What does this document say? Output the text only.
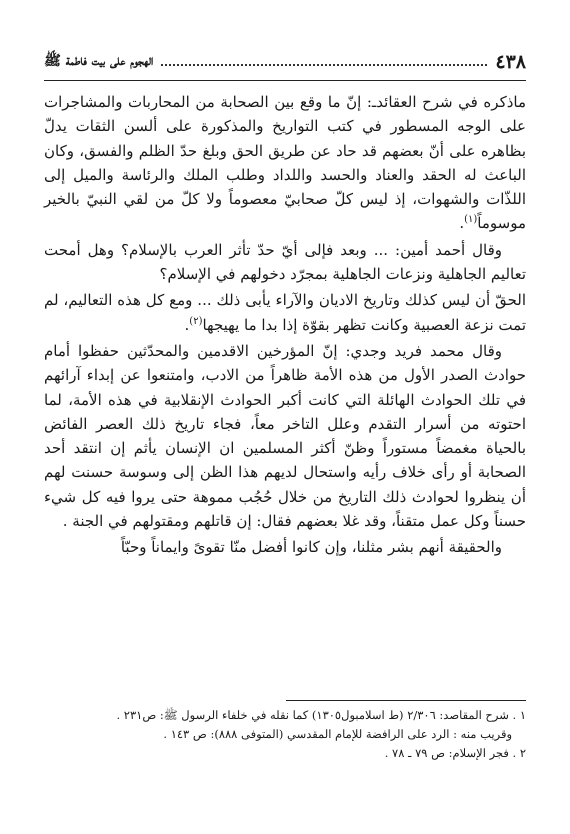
٤٣٨
الهجوم على بيت فاطمة ﷺ

ماذكره في شرح العقائدـ: إنّ ما وقع بين الصحابة من المحاربات والمشاجرات على الوجه المسطور في كتب التواريخ والمذكورة على ألسن الثقات يدلّ بظاهره على أنّ بعضهم قد حاد عن طريق الحق وبلغ حدّ الظلم والفسق، وكان الباعث له الحقد والعناد والحسد واللداد وطلب الملك والرئاسة والميل إلى اللذّات والشهوات، إذ ليس كلّ صحابيّ معصوماً ولا كلّ من لقي النبيّ بالخير موسوماً$^{(١)}$.

وقال أحمد أمين: ... وبعد فإلى أيّ حدّ تأثر العرب بالإسلام؟ وهل أمحت تعاليم الجاهلية ونزعات الجاهلية بمجرّد دخولهم في الإسلام؟

الحقّ أن ليس كذلك وتاريخ الاديان والآراء يأبى ذلك ... ومع كل هذه التعاليم، لم تمت نزعة العصبية وكانت تظهر بقوّة إذا بدا ما يهيجها$^{(٢)}$.

وقال محمد فريد وجدي: إنّ المؤرخين الاقدمين والمحدّثين حفظوا أمام حوادث الصدر الأول من هذه الأمة ظاهراً من الادب، وامتنعوا عن إبداء آرائهم في تلك الحوادث الهائلة التي كانت أكبر الحوادث الإنقلابية في هذه الأمة، لما احتوته من أسرار التقدم وعلل التاخر معاً، فجاء تاريخ ذلك العصر الفائض بالحياة مغمضاً مستوراً وظنّ أكثر المسلمين ان الإنسان يأثم إن انتقد أحد الصحابة أو رأى خلاف رأيه واستحال لديهم هذا الظن إلى وسوسة حسنت لهم أن ينظروا لحوادث ذلك التاريخ من خلال حُجُب مموهة حتى يروا فيه كل شيء حسناً وكل عمل متقناً، وقد غلا بعضهم فقال: إن قاتلهم ومقتولهم في الجنة .

والحقيقة أنهم بشر مثلنا، وإن كانوا أفضل منّا تقوىً وايماناً وحبّاً

١ . شرح المقاصد: ٢/٣٠٦ (ط اسلامبول١٣٠٥) كما نقله في خلفاء الرسول ﷺ: ص٢٣١ .

وقريب منه : الرد على الرافضة للإمام المقدسي (المتوفى ٨٨٨): ص ١٤٣ .

٢ . فجر الإسلام: ص ٧٩ ـ ٧٨ .
